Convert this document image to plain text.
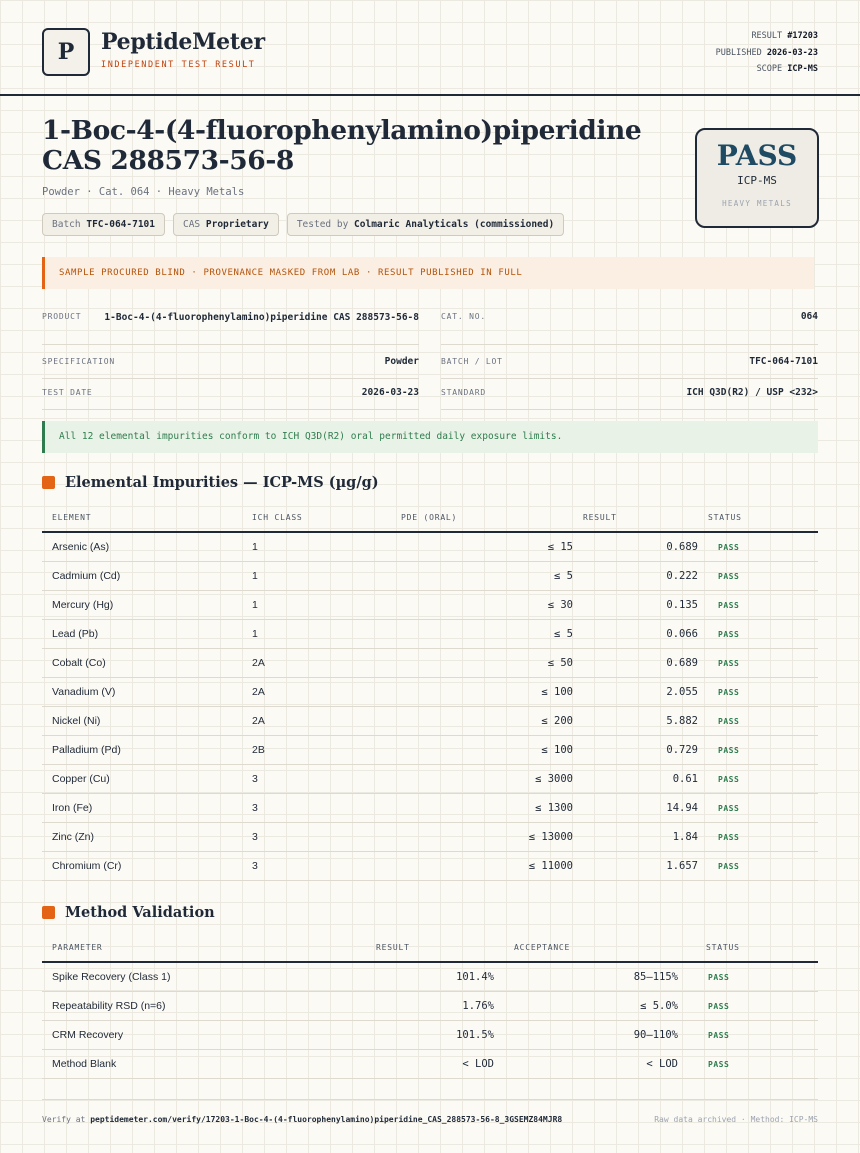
P	PeptideMeter
INDEPENDENT TEST RESULT
RESULT #17203
PUBLISHED 2026-03-23
SCOPE ICP-MS
1-Boc-4-(4-fluorophenylamino)piperidine CAS 288573-56-8
Powder · Cat. 064 · Heavy Metals
Batch TFC-064-7101	CAS Proprietary	Tested by Colmaric Analyticals (commissioned)
PASS
ICP-MS
HEAVY METALS
SAMPLE PROCURED BLIND · PROVENANCE MASKED FROM LAB · RESULT PUBLISHED IN FULL
PRODUCT	1-Boc-4-(4-fluorophenylamino)piperidine CAS 288573-56-8	CAT. NO.	064
SPECIFICATION	Powder	BATCH / LOT	TFC-064-7101
TEST DATE	2026-03-23	STANDARD	ICH Q3D(R2) / USP <232>
All 12 elemental impurities conform to ICH Q3D(R2) oral permitted daily exposure limits.
Elemental Impurities — ICP-MS (µg/g)
ELEMENT	ICH CLASS	PDE (ORAL)	RESULT	STATUS
Arsenic (As)	1	≤ 15	0.689	PASS
Cadmium (Cd)	1	≤ 5	0.222	PASS
Mercury (Hg)	1	≤ 30	0.135	PASS
Lead (Pb)	1	≤ 5	0.066	PASS
Cobalt (Co)	2A	≤ 50	0.689	PASS
Vanadium (V)	2A	≤ 100	2.055	PASS
Nickel (Ni)	2A	≤ 200	5.882	PASS
Palladium (Pd)	2B	≤ 100	0.729	PASS
Copper (Cu)	3	≤ 3000	0.61	PASS
Iron (Fe)	3	≤ 1300	14.94	PASS
Zinc (Zn)	3	≤ 13000	1.84	PASS
Chromium (Cr)	3	≤ 11000	1.657	PASS
Method Validation
PARAMETER	RESULT	ACCEPTANCE	STATUS
Spike Recovery (Class 1)	101.4%	85–115%	PASS
Repeatability RSD (n=6)	1.76%	≤ 5.0%	PASS
CRM Recovery	101.5%	90–110%	PASS
Method Blank	< LOD	< LOD	PASS
Verify at peptidemeter.com/verify/17203-1-Boc-4-(4-fluorophenylamino)piperidine_CAS_288573-56-8_3GSEMZ84MJR8	Raw data archived · Method: ICP-MS
